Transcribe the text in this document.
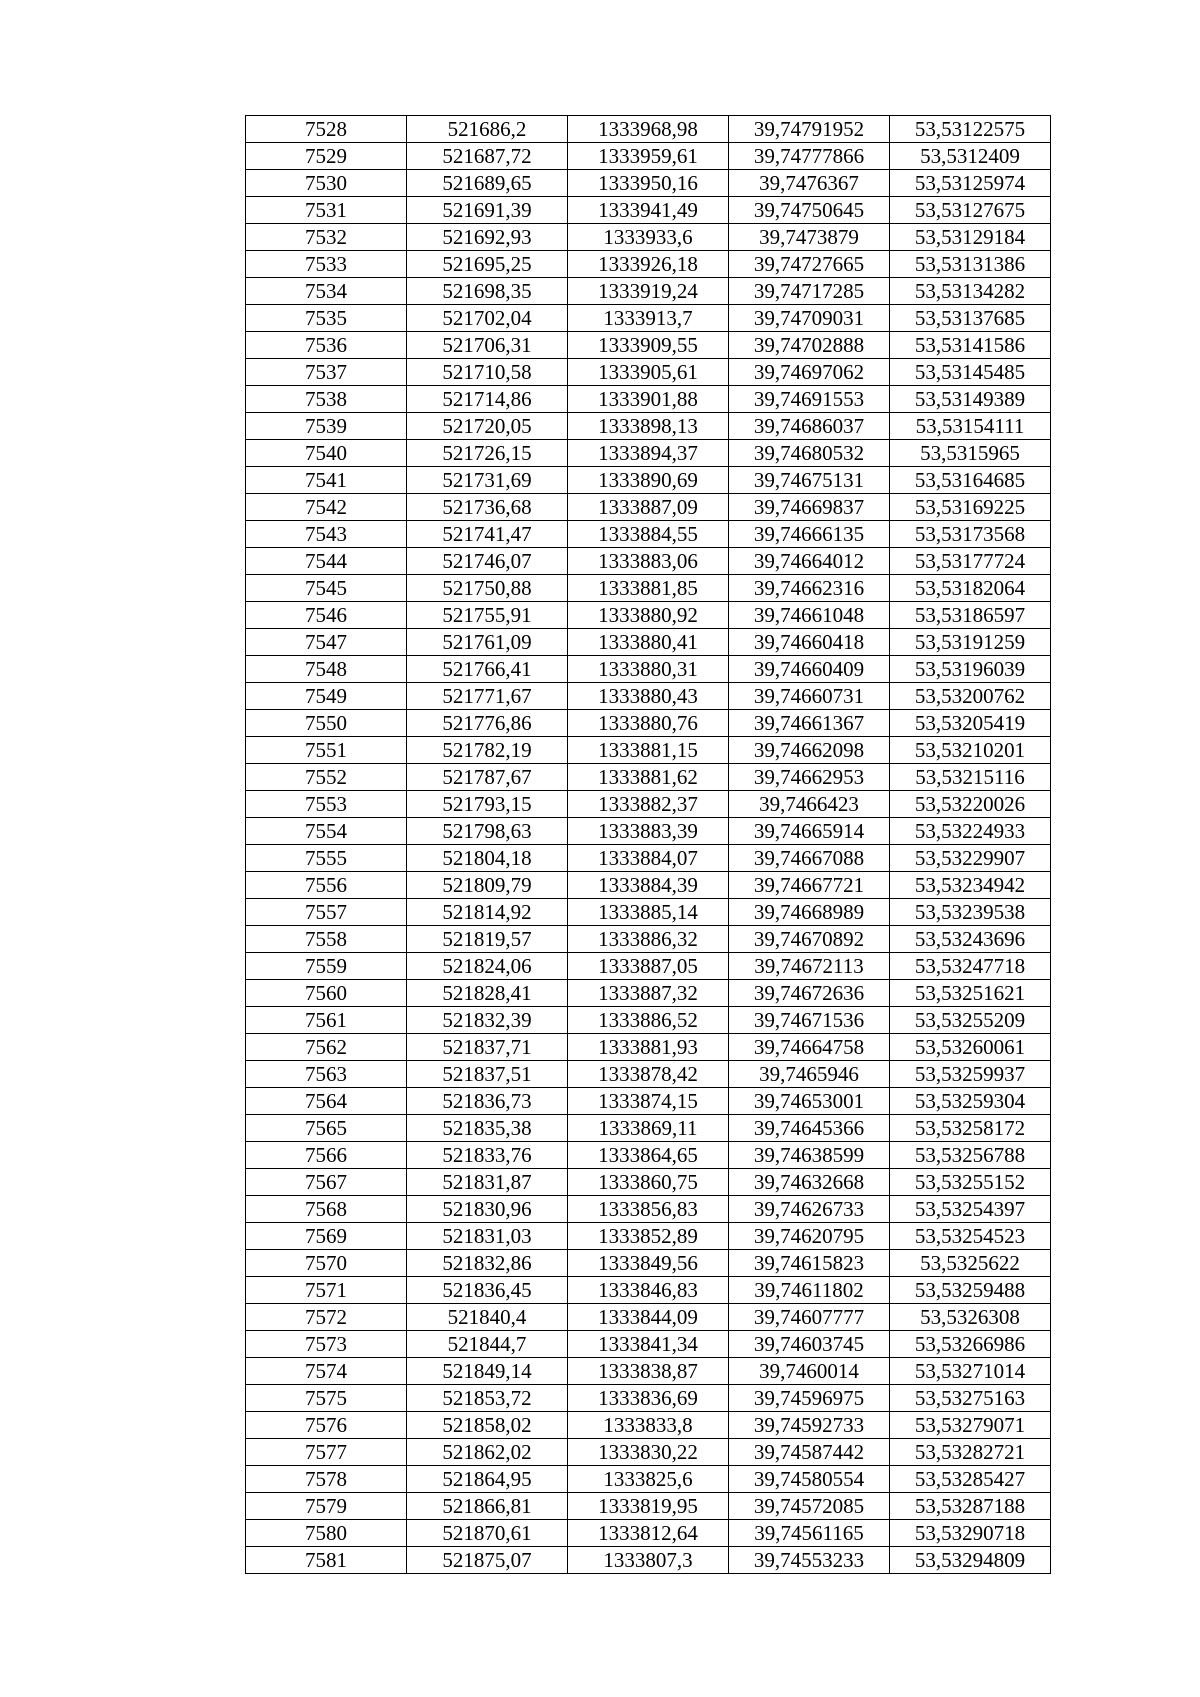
7528	521686,2	1333968,98	39,74791952	53,53122575
7529	521687,72	1333959,61	39,74777866	53,5312409
7530	521689,65	1333950,16	39,7476367	53,53125974
7531	521691,39	1333941,49	39,74750645	53,53127675
7532	521692,93	1333933,6	39,7473879	53,53129184
7533	521695,25	1333926,18	39,74727665	53,53131386
7534	521698,35	1333919,24	39,74717285	53,53134282
7535	521702,04	1333913,7	39,74709031	53,53137685
7536	521706,31	1333909,55	39,74702888	53,53141586
7537	521710,58	1333905,61	39,74697062	53,53145485
7538	521714,86	1333901,88	39,74691553	53,53149389
7539	521720,05	1333898,13	39,74686037	53,53154111
7540	521726,15	1333894,37	39,74680532	53,5315965
7541	521731,69	1333890,69	39,74675131	53,53164685
7542	521736,68	1333887,09	39,74669837	53,53169225
7543	521741,47	1333884,55	39,74666135	53,53173568
7544	521746,07	1333883,06	39,74664012	53,53177724
7545	521750,88	1333881,85	39,74662316	53,53182064
7546	521755,91	1333880,92	39,74661048	53,53186597
7547	521761,09	1333880,41	39,74660418	53,53191259
7548	521766,41	1333880,31	39,74660409	53,53196039
7549	521771,67	1333880,43	39,74660731	53,53200762
7550	521776,86	1333880,76	39,74661367	53,53205419
7551	521782,19	1333881,15	39,74662098	53,53210201
7552	521787,67	1333881,62	39,74662953	53,53215116
7553	521793,15	1333882,37	39,7466423	53,53220026
7554	521798,63	1333883,39	39,74665914	53,53224933
7555	521804,18	1333884,07	39,74667088	53,53229907
7556	521809,79	1333884,39	39,74667721	53,53234942
7557	521814,92	1333885,14	39,74668989	53,53239538
7558	521819,57	1333886,32	39,74670892	53,53243696
7559	521824,06	1333887,05	39,74672113	53,53247718
7560	521828,41	1333887,32	39,74672636	53,53251621
7561	521832,39	1333886,52	39,74671536	53,53255209
7562	521837,71	1333881,93	39,74664758	53,53260061
7563	521837,51	1333878,42	39,7465946	53,53259937
7564	521836,73	1333874,15	39,74653001	53,53259304
7565	521835,38	1333869,11	39,74645366	53,53258172
7566	521833,76	1333864,65	39,74638599	53,53256788
7567	521831,87	1333860,75	39,74632668	53,53255152
7568	521830,96	1333856,83	39,74626733	53,53254397
7569	521831,03	1333852,89	39,74620795	53,53254523
7570	521832,86	1333849,56	39,74615823	53,5325622
7571	521836,45	1333846,83	39,74611802	53,53259488
7572	521840,4	1333844,09	39,74607777	53,5326308
7573	521844,7	1333841,34	39,74603745	53,53266986
7574	521849,14	1333838,87	39,7460014	53,53271014
7575	521853,72	1333836,69	39,74596975	53,53275163
7576	521858,02	1333833,8	39,74592733	53,53279071
7577	521862,02	1333830,22	39,74587442	53,53282721
7578	521864,95	1333825,6	39,74580554	53,53285427
7579	521866,81	1333819,95	39,74572085	53,53287188
7580	521870,61	1333812,64	39,74561165	53,53290718
7581	521875,07	1333807,3	39,74553233	53,53294809
